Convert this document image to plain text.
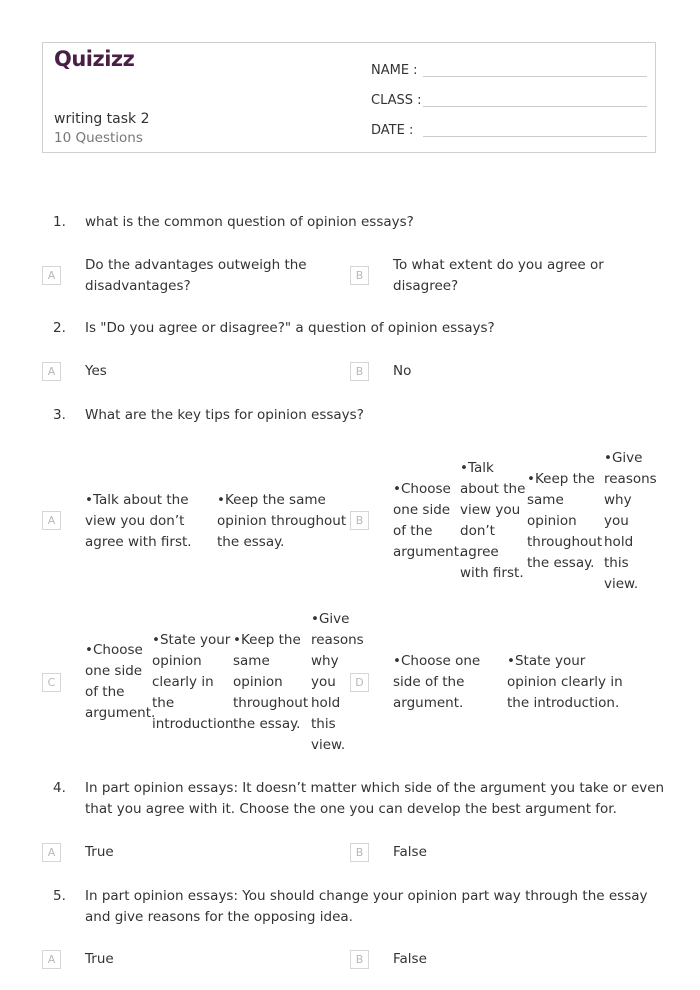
Quizizz
writing task 2
10 Questions
NAME :
CLASS :
DATE :
1. what is the common question of opinion essays?
A
Do the advantages outweigh the disadvantages?
B
To what extent do you agree or disagree?
2. Is "Do you agree or disagree?" a question of opinion essays?
A	Yes	B	No
3. What are the key tips for opinion essays?
A
•Talk about the view you don’t agree with first.
•Keep the same opinion throughout the essay.
B
•Choose one side of the argument.
•Talk about the view you don’t agree with first.
•Keep the same opinion throughout the essay.
•Give reasons why you hold this view.
C
•Choose one side of the argument.
•State your opinion clearly in the introduction.
•Keep the same opinion throughout the essay.
•Give reasons why you hold this view.
D
•Choose one side of the argument.
•State your opinion clearly in the introduction.
4. In part opinion essays: It doesn’t matter which side of the argument you take or even that you agree with it. Choose the one you can develop the best argument for.
A	True	B	False
5. In part opinion essays: You should change your opinion part way through the essay and give reasons for the opposing idea.
A	True	B	False
